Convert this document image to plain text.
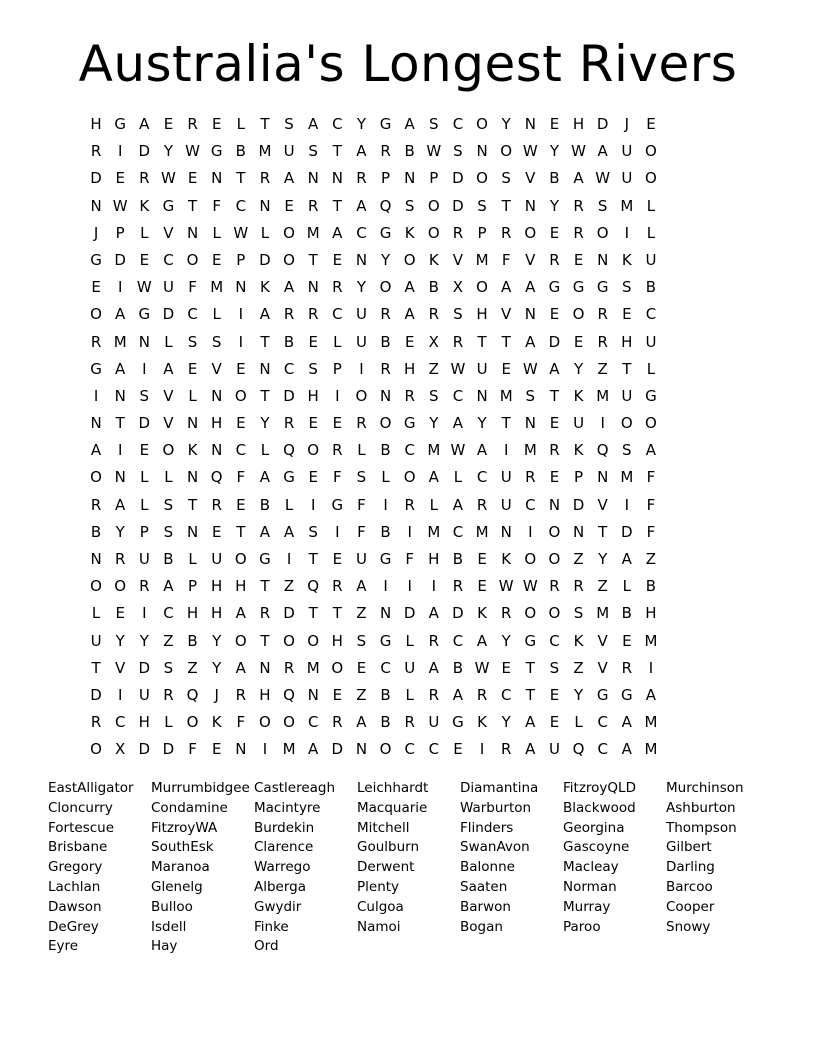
Australia's Longest Rivers
H G A E R E	L	T S A C Y G A S C O Y N E H D	J	E
R	I	D Y W G B M U S T A R B W S N O W Y W A U O
D E R W E N T R A N N R P N P D O S V B A W U O
N W K G T	F C N E R T A Q S O D S T N Y R S M L
J	P	L V N L W L O M A C G K O R P R O E R O	I	L
G D E C O E P D O T E N Y O K V M F V R E N K U
E	I W U F M N K A N R Y O A B X O A A G G G S B
O A G D C L	I	A R R C U R A R S H V N E O R E C
R M N L	S S	I	T B E	L U B E X R T T A D E R H U
G A	I	A E V E N C S P	I	R H Z W U E W A Y Z T	L
I	N S V L N O T D H	I	O N R S C N M S T K M U G
N T D V N H E Y R E E R O G Y A Y T N E U	I	O O
A	I	E O K N C L Q O R L B C M W A	I	M R K Q S A
O N L	L N Q F A G E	F	S	L O A L C U R E P N M F
R A L	S T R E B L	I	G F	I	R L A R U C N D V	I	F
B Y	P S N E T A A S	I	F B	I	M C M N	I	O N T D F
N R U B L U O G	I	T E U G F H B E K O O Z Y A Z
O O R A P H H T Z Q R A	I	I	I	R E W W R R Z L B
L	E	I	C H H A R D T T Z N D A D K R O O S M B H
U Y Y Z B Y O T O O H S G L R C A Y G C K V E M
T V D S Z Y A N R M O E C U A B W E T S Z V R	I
D	I	U R Q	J	R H Q N E Z B L R A R C T E Y G G A
R C H L O K F O O C R A B R U G K Y A E	L C A M
O X D D F	E N	I	M A D N O C C E	I	R A U Q C A M
EastAlligator
Cloncurry
Fortescue
Brisbane
Gregory
Lachlan
Dawson
DeGrey
Eyre
Murrumbidgee
Condamine
FitzroyWA
SouthEsk
Maranoa
Glenelg
Bulloo
Isdell
Hay
Castlereagh
Macintyre
Burdekin
Clarence
Warrego
Alberga
Gwydir
Finke
Ord
Leichhardt
Macquarie
Mitchell
Goulburn
Derwent
Plenty
Culgoa
Namoi
Diamantina
Warburton
Flinders
SwanAvon
Balonne
Saaten
Barwon
Bogan
FitzroyQLD
Blackwood
Georgina
Gascoyne
Macleay
Norman
Murray
Paroo
Murchinson
Ashburton
Thompson
Gilbert
Darling
Barcoo
Cooper
Snowy
